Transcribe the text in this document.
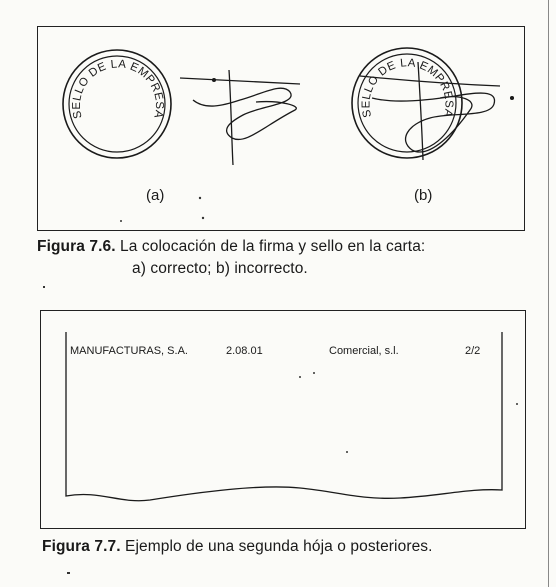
SELLO DE LA EMPRESA	SELLO DE LA EMPRESA
(a)	(b)
Figura 7.6. La colocación de la firma y sello en la carta:
a) correcto; b) incorrecto.
MANUFACTURAS, S.A.	2.08.01	Comercial, s.l.	2/2
Figura 7.7. Ejemplo de una segunda hója o posteriores.
